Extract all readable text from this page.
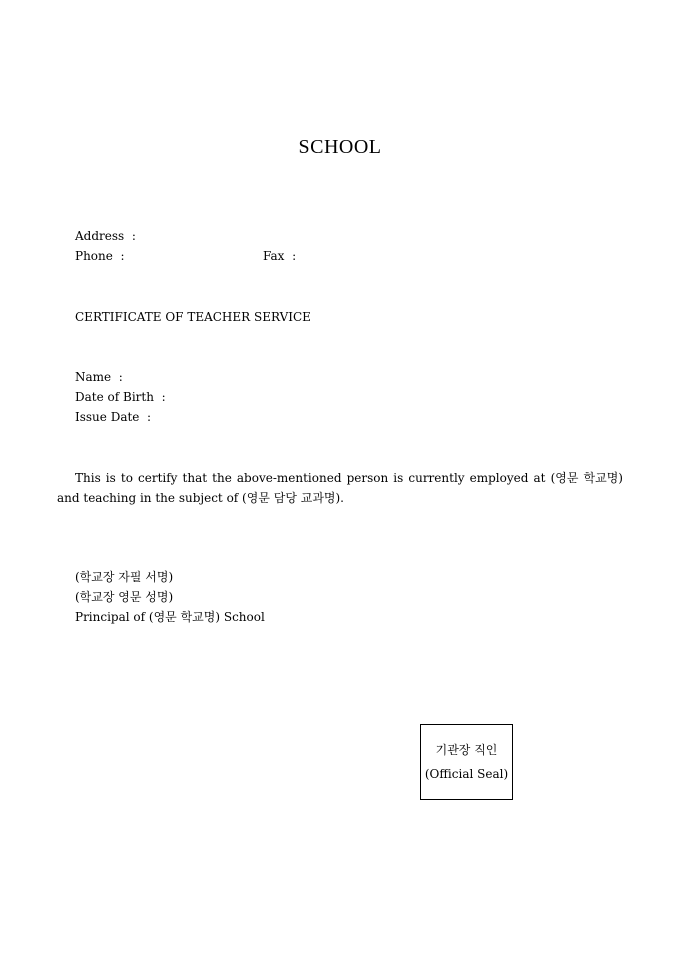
SCHOOL
Address  :
Phone  :	Fax  :
CERTIFICATE OF TEACHER SERVICE
Name  :
Date of Birth  :
Issue Date  :
This is to certify that the above-mentioned person is currently employed at (영문 학교명)
and teaching in the subject of (영문 담당 교과명).
(학교장 자필 서명)
(학교장 영문 성명)
Principal of (영문 학교명) School
기관장 직인
(Official Seal)
